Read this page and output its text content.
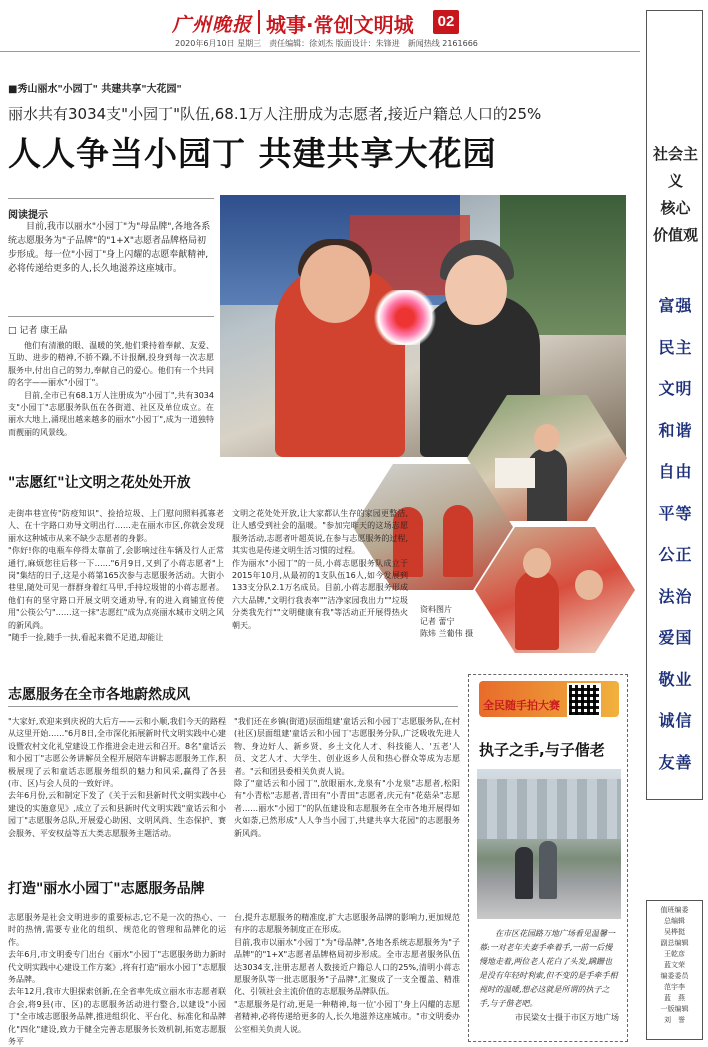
广州晚报 城事·常创文明城	02
2020年6月10日 星期三　责任编辑：徐刘杰 版面设计：朱锋进　新闻热线 2161666
社会主义
核心
价值观
富强
民主
文明
和谐
自由
平等
公正
法治
爱国
敬业
诚信
友善
值班编委
总编辑
吴桦挺
副总编辑
王乾彦
蓝文荣
编委委员
范宇李
蓝　燕
一版编辑
刘　誉
■秀山丽水"小园丁" 共建共享"大花园"
丽水共有3034支"小园丁"队伍,68.1万人注册成为志愿者,接近户籍总人口的25%
人人争当小园丁 共建共享大花园
阅读提示
目前,我市以丽水"小园丁"为"母品牌",各地各系统志愿服务为"子品牌"的"1+X"志愿者品牌格局初步形成。每一位"小园丁"身上闪耀的志愿奉献精神,必将传递给更多的人,长久地滋养这座城市。
□ 记者 康王晶

他们有清澈的眼、温暖的笑,他们秉持着奉献、友爱、互助、进步的精神,不骄不躁,不计报酬,投身到每一次志愿服务中,付出自己的努力,奉献自己的爱心。他们有一个共同的名字——丽水"小园丁"。

目前,全市已有68.1万人注册成为"小园丁",共有3034支"小园丁"志愿服务队伍在各街道、社区及单位成立。在丽水大地上,涌现出越来越多的丽水"小园丁",成为一道独特而靓丽的风景线。

资料图片
记者 蕾宁
陈炜 兰葡伟 摄
"志愿红"让文明之花处处开放
走街串巷宣传"防疫知识"、捡拾垃圾、上门慰问照料孤寡老人、在十字路口劝导文明出行……走在丽水市区,你就会发现丽水这种城市从来不缺少志愿者的身影。
"你好!你的电瓶车停得太靠前了,会影响过往车辆及行人正常通行,麻烦您往后移一下……"6月9日,又到了小蒋志愿者"上岗"集结的日子,这是小蒋第165次参与志愿服务活动。大街小巷里,随处可见一群群身着红马甲,手持垃圾钳的小蒋志愿者。他们有的坚守路口开展文明交通劝导,有的进入商铺宣传使用"公筷公勺"……这一抹"志愿红"成为点亮丽水城市文明之风的新风尚。
"随手一捡,随手一扶,看起来微不足道,却能让
文明之花处处开放,让大家都认生存的家园更整洁,让人感受到社会的温暖。"参加完昨天的这场志愿服务活动,志愿者叶超英说,在参与志愿服务的过程,其实也是传递文明生活习惯的过程。
作为丽水"小园丁"的一员,小蒋志愿服务队成立于2015年10月,从最初的1支队伍16人,如今发展到133支分队2.1万名成员。目前,小蒋志愿服务形成六大品牌,"文明行我表率""洁净家园我出力""垃圾分类我先行""文明健康有我"等活动正开展得热火朝天。
志愿服务在全市各地蔚然成风
"大家好,欢迎来到庆祝的大后方——云和小顺,我们今天的路程从这里开始……"6月8日,全市深化拓展新时代文明实践中心建设暨农村文化礼堂建设工作推进会走进云和召开。8名"童话云和小园丁"志愿公务讲解员全程开展陪车讲解志愿服务工作,积极展现了云和童话志愿服务组织的魅力和风采,赢得了各县(市、区)与会人员的一致好评。
去年6月份,云和制定下发了《关于云和县新时代文明实践中心建设的实施意见》,成立了云和县新时代文明实践"童话云和小园丁"志愿服务总队,开展爱心助困、文明风尚、生态保护、赛会服务、平安权益等五大类志愿服务主题活动。
"我们还在乡镇(街道)层面组建'童话云和小园丁'志愿服务队,在村(社区)层面组建'童话云和小园丁'志愿服务分队,广泛吸收先进人物、身边好人、新乡贤、乡土文化人才、科技能人、'五老'人员、文艺人才、大学生、创业返乡人员和热心群众等成为志愿者。"云和团县委相关负责人说。
除了"童话云和小园丁",放眼丽水,龙泉有"小龙泉"志愿者,松阳有"小青松"志愿者,青田有"小青田"志愿者,庆元有"花菇朵"志愿者……丽水"小园丁"的队伍建设和志愿服务在全市各地开展得如火如荼,已然形成"人人争当小园丁,共建共享大花园"的志愿服务新风尚。
打造"丽水小园丁"志愿服务品牌
志愿服务是社会文明进步的重要标志,它不是一次的热心、一时的热情,需要专业化的组织、规范化的管理和品牌化的运作。
去年6月,市文明委专门出台《丽水"小园丁"志愿服务助力新时代文明实践中心建设工作方案》,将有打造"丽水小园丁"志愿服务品牌。
去年12月,我市大胆探索创新,在全省率先成立丽水市志愿者联合会,将9县(市、区)的志愿服务活动进行整合,以建设"小园丁"全市域志愿服务品牌,推进组织化、平台化、标准化和品牌化"四化"建设,致力于健全完善志愿服务长效机制,拓宽志愿服务平
台,提升志愿服务的精准度,扩大志愿服务品牌的影响力,更加规范有序的志愿服务制度正在形成。
目前,我市以丽水"小园丁"为"母品牌",各地各系统志愿服务为"子品牌"的"1+X"志愿者品牌格局初步形成。全市志愿者服务队伍达3034支,注册志愿者人数接近户籍总人口的25%,清明小蒋志愿服务队等一批志愿服务"子品牌",汇聚成了一支全覆盖、精准化、引领社会主流价值的志愿服务品牌队伍。
"志愿服务是行动,更是一种精神,每一位'小园丁'身上闪耀的志愿者精神,必将传递给更多的人,长久地滋养这座城市。"市文明委办公室相关负责人说。
全民随手拍大赛
执子之手,与子偕老

在市区花园路万地广场看见温馨一幕:一对老年夫妻手牵着手,一前一后慢慢地走着,两位老人花白了头发,蹒跚也是没有年轻时利索,但不变的是手牵手相视时的温暖,想必这就是所谓的执子之手,与子偕老吧。

市民梁女士摄于市区万地广场
